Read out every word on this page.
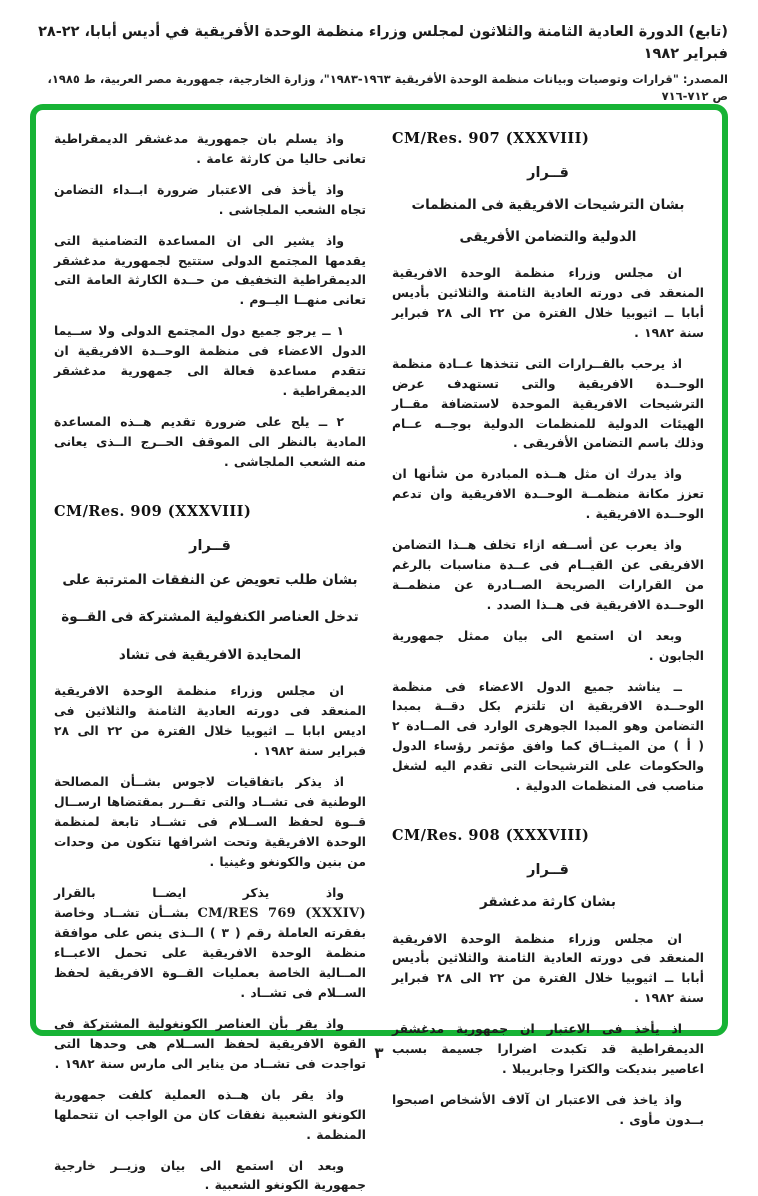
(تابع) الدورة العادية الثامنة والثلاثون لمجلس وزراء منظمة الوحدة الأفريقية في أديس أبابا، ٢٢-٢٨ فبراير ١٩٨٢
المصدر: "قرارات وتوصيات وبيانات منظمة الوحدة الأفريقية ١٩٦٣-١٩٨٣"، وزارة الخارجية، جمهورية مصر العربية، ط ١٩٨٥، ص ٧١٢-٧١٦
CM/Res. 907 (XXXVIII)
قــرار
بشان الترشيحات الافريقية فى المنظمات
الدولية والتضامن الأفريقى

ان مجلس وزراء منظمة الوحدة الافريقية المنعقد فى دورته العادية الثامنة والثلاثين بأديس أبابا ــ اثيوبيا خلال الفترة من ٢٢ الى ٢٨ فبراير سنة ١٩٨٢ .

اذ يرحب بالقــرارات التى تتخذها عــادة منظمة الوحــدة الافريقية والتى تستهدف عرض الترشيحات الافريقية الموحدة لاستضافة مقــار الهيئات الدولية للمنظمات الدولية بوجــه عــام وذلك باسم التضامن الأفريقى .

واذ يدرك ان مثل هــذه المبادرة من شأنها ان تعزز مكانة منظمــة الوحــدة الافريقية وان تدعم الوحــدة الافريقية .

واذ يعرب عن أســفه ازاء تخلف هــذا التضامن الافريقى عن القيــام فى عــدة مناسبات بالرغم من القرارات الصريحة الصــادرة عن منظمــة الوحــدة الافريقية فى هــذا الصدد .

وبعد ان استمع الى بيان ممثل جمهورية الجابون .

ــ يناشد جميع الدول الاعضاء فى منظمة الوحــدة الافريقية ان تلتزم بكل دقــة بمبدا التضامن وهو المبدا الجوهرى الوارد فى المــادة ٢ ( أ ) من الميثــاق كما وافق مؤتمر رؤساء الدول والحكومات على الترشيحات التى تقدم اليه لشغل مناصب فى المنظمات الدولية .

CM/Res. 908 (XXXVIII)
قــرار
بشان كارثة مدغشقر

ان مجلس وزراء منظمة الوحدة الافريقية المنعقد فى دورته العادية الثامنة والثلاثين بأديس أبابا ــ اثيوبيا خلال الفترة من ٢٢ الى ٢٨ فبراير سنة ١٩٨٢ .

اذ يأخذ فى الاعتبار ان جمهورية مدغشقر الديمقراطية قد تكبدت اضرارا جسيمة بسبب اعاصير بنديكت والكترا وجابريبلا .

واذ ياخذ فى الاعتبار ان آلاف الأشخاص اصبحوا بــدون مأوى .

واذ يسلم بان جمهورية مدغشقر الديمقراطية تعانى حاليا من كارثة عامة .

واذ يأخذ فى الاعتبار ضرورة ابــداء التضامن تجاه الشعب الملجاشى .

واذ يشير الى ان المساعدة التضامنية التى يقدمها المجتمع الدولى ستتيح لجمهورية مدغشقر الديمقراطية التخفيف من حــدة الكارثة العامة التى تعانى منهــا اليــوم .

١ ــ يرجو جميع دول المجتمع الدولى ولا ســيما الدول الاعضاء فى منظمة الوحــدة الافريقية ان تتقدم مساعدة فعالة الى جمهورية مدغشقر الديمقراطية .

٢ ــ يلح على ضرورة تقديم هــذه المساعدة المادية بالنظر الى الموقف الحــرج الــذى يعانى منه الشعب الملجاشى .

CM/Res. 909 (XXXVIII)
قــرار
بشان طلب تعويض عن النفقات المترتبة على
تدخل العناصر الكنفولية المشتركة فى القــوة
المحايدة الافريقية فى تشاد

ان مجلس وزراء منظمة الوحدة الافريقية المنعقد فى دورته العادية الثامنة والثلاثين فى اديس ابابا ــ اثيوبيا خلال الفترة من ٢٢ الى ٢٨ فبراير سنة ١٩٨٢ .

اذ يذكر باتفاقيات لاجوس بشــأن المصالحة الوطنية فى تشــاد والتى تقــرر بمقتضاها ارســال قــوة لحفظ الســلام فى تشــاد تابعة لمنظمة الوحدة الافريقية وتحت اشرافها تتكون من وحدات من بنين والكونغو وغينيا .

واذ يذكر ايضــا بالقرار CM/RES 769 (XXXIV) بشــأن تشــاد وخاصة بفقرته العاملة رقم ( ٣ ) الــذى ينص على موافقة منظمة الوحدة الافريقية على تحمل الاعبــاء المــالية الخاصة بعمليات القــوة الافريقية لحفظ الســلام فى تشــاد .

واذ يقر بأن العناصر الكونغولية المشتركة فى القوة الافريقية لحفظ الســلام هى وحدها التى تواجدت فى تشــاد من يناير الى مارس سنة ١٩٨٢ .

واذ يقر بان هــذه العملية كلفت جمهورية الكونغو الشعبية نفقات كان من الواجب ان تتحملها المنظمة .

وبعد ان استمع الى بيان وزيــر خارجية جمهورية الكونغو الشعبية .

٣
